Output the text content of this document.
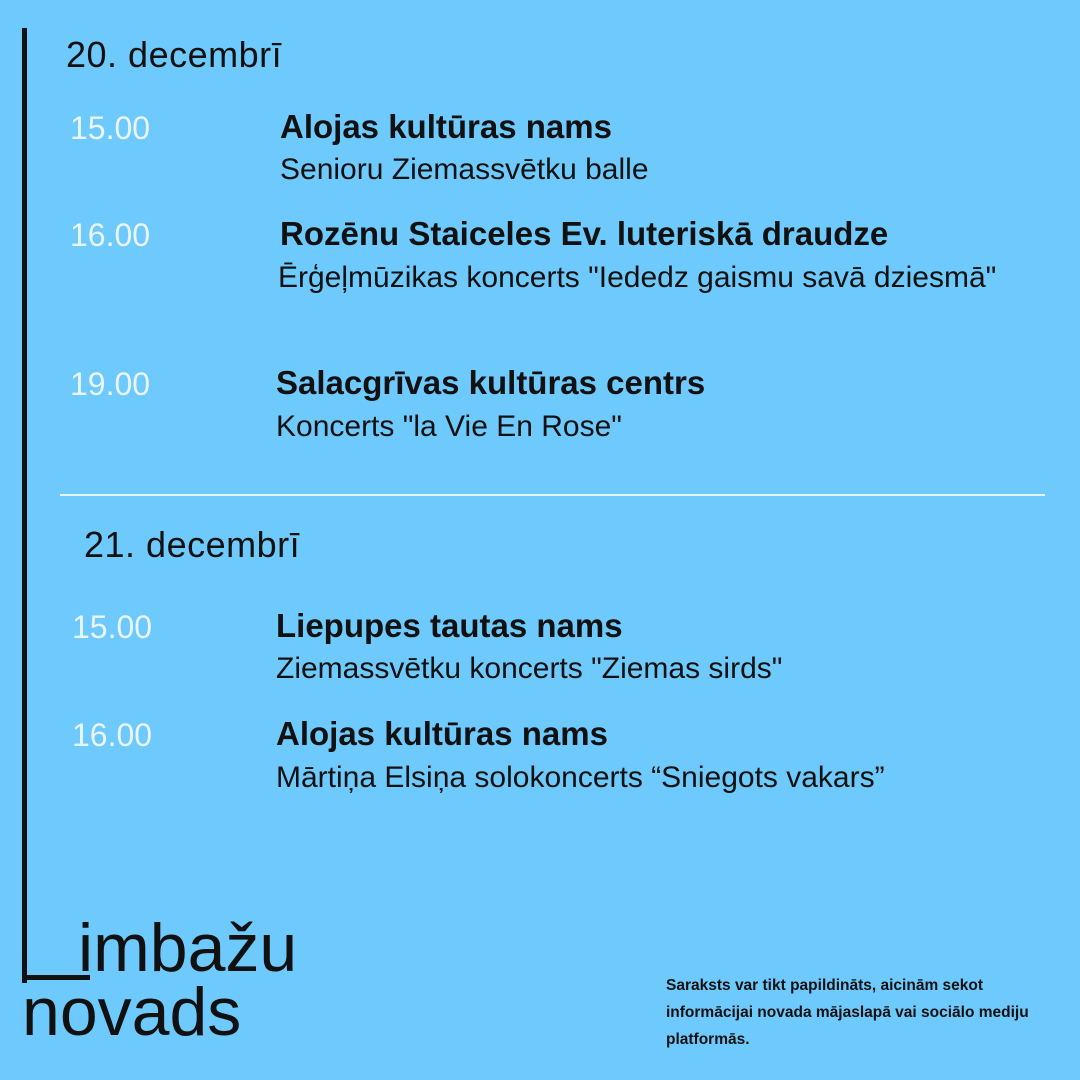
20. decembrī
15.00	Alojas kultūras nams
Senioru Ziemassvētku balle
16.00	Rozēnu Staiceles Ev. luteriskā draudze
Ērģeļmūzikas koncerts "Iededz gaismu savā dziesmā"
19.00	Salacgrīvas kultūras centrs
Koncerts "la Vie En Rose"
21. decembrī
15.00	Liepupes tautas nams
Ziemassvētku koncerts "Ziemas sirds"
16.00	Alojas kultūras nams
Mārtiņa Elsiņa solokoncerts “Sniegots vakars”
imbažu
novads	Saraksts var tikt papildināts, aicinām sekot informācijai novada mājaslapā vai sociālo mediju platformās.
